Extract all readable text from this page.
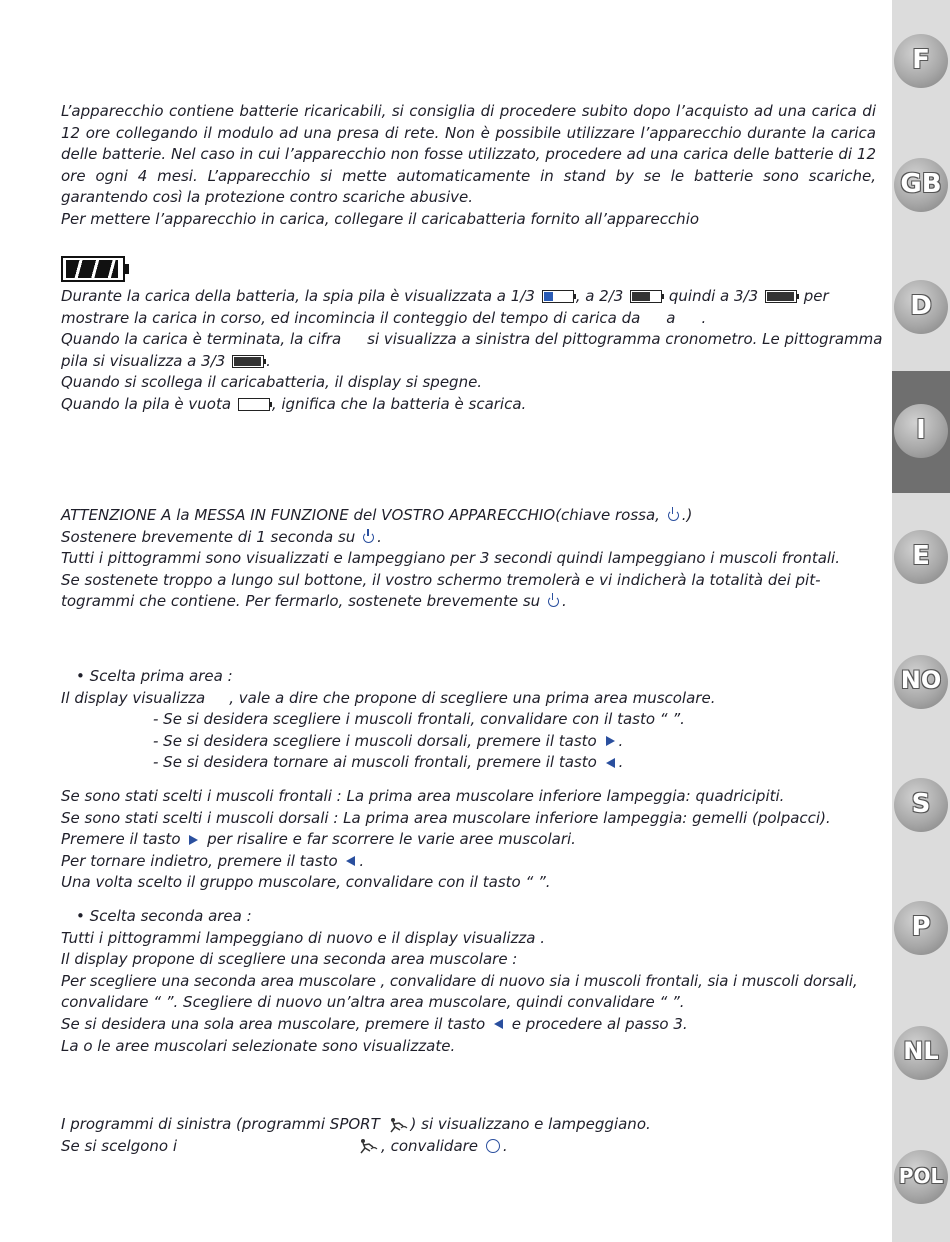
L’apparecchio contiene batterie ricaricabili, si consiglia di procedere subito dopo l’acquisto ad una carica di 12 ore collegando il modulo ad una presa di rete. Non è possibile utilizzare l’apparecchio durante la carica delle batterie. Nel caso in cui l’apparecchio non fosse utilizzato, procedere ad una carica delle batterie di 12 ore ogni 4 mesi. L’apparecchio si mette automaticamente in stand by se le batterie sono scariche, garantendo così la protezione contro scariche abusive.

Per mettere l’apparecchio in carica, collegare il caricabatteria fornito all’apparecchio

Durante la carica della batteria, la spia pila è visualizzata a 1/3	, a 2/3	quindi a 3/3	per

mostrare la carica in corso, ed incomincia il conteggio del tempo di carica da a .

Quando la carica è terminata, la cifra si visualizza a sinistra del pittogramma cronometro. Le pittogramma

pila si visualizza a 3/3	.

Quando si scollega il caricabatteria, il display si spegne.

Quando la pila è vuota	, ignifica che la batteria è scarica.

ATTENZIONE A la MESSA IN FUNZIONE del VOSTRO APPARECCHIO(chiave rossa, .)

Sostenere brevemente di 1 seconda su .

Tutti i pittogrammi sono visualizzati e lampeggiano per 3 secondi quindi lampeggiano i muscoli frontali.

Se sostenete troppo a lungo sul bottone, il vostro schermo tremolerà e vi indicherà la totalità dei pit-

togrammi che contiene. Per fermarlo, sostenete brevemente su .

• Scelta prima area :

Il display visualizza , vale a dire che propone di scegliere una prima area muscolare.

- Se si desidera scegliere i muscoli frontali, convalidare con il tasto “ ”.

- Se si desidera scegliere i muscoli dorsali, premere il tasto .

- Se si desidera tornare ai muscoli frontali, premere il tasto .

Se sono stati scelti i muscoli frontali : La prima area muscolare inferiore lampeggia: quadricipiti.

Se sono stati scelti i muscoli dorsali : La prima area muscolare inferiore lampeggia: gemelli (polpacci).

Premere il tasto per risalire e far scorrere le varie aree muscolari.

Per tornare indietro, premere il tasto .

Una volta scelto il gruppo muscolare, convalidare con il tasto “ ”.

• Scelta seconda area :

Tutti i pittogrammi lampeggiano di nuovo e il display visualizza .

Il display propone di scegliere una seconda area muscolare :

Per scegliere una seconda area muscolare , convalidare di nuovo sia i muscoli frontali, sia i muscoli dorsali,

convalidare “ ”. Scegliere di nuovo un’altra area muscolare, quindi convalidare “ ”.

Se si desidera una sola area muscolare, premere il tasto e procedere al passo 3.

La o le aree muscolari selezionate sono visualizzate.

I programmi di sinistra (programmi SPORT ) si visualizzano e lampeggiano.

Se si scelgono i	, convalidare .

F
GB
D
I
E
NO
S
P
NL
POL
